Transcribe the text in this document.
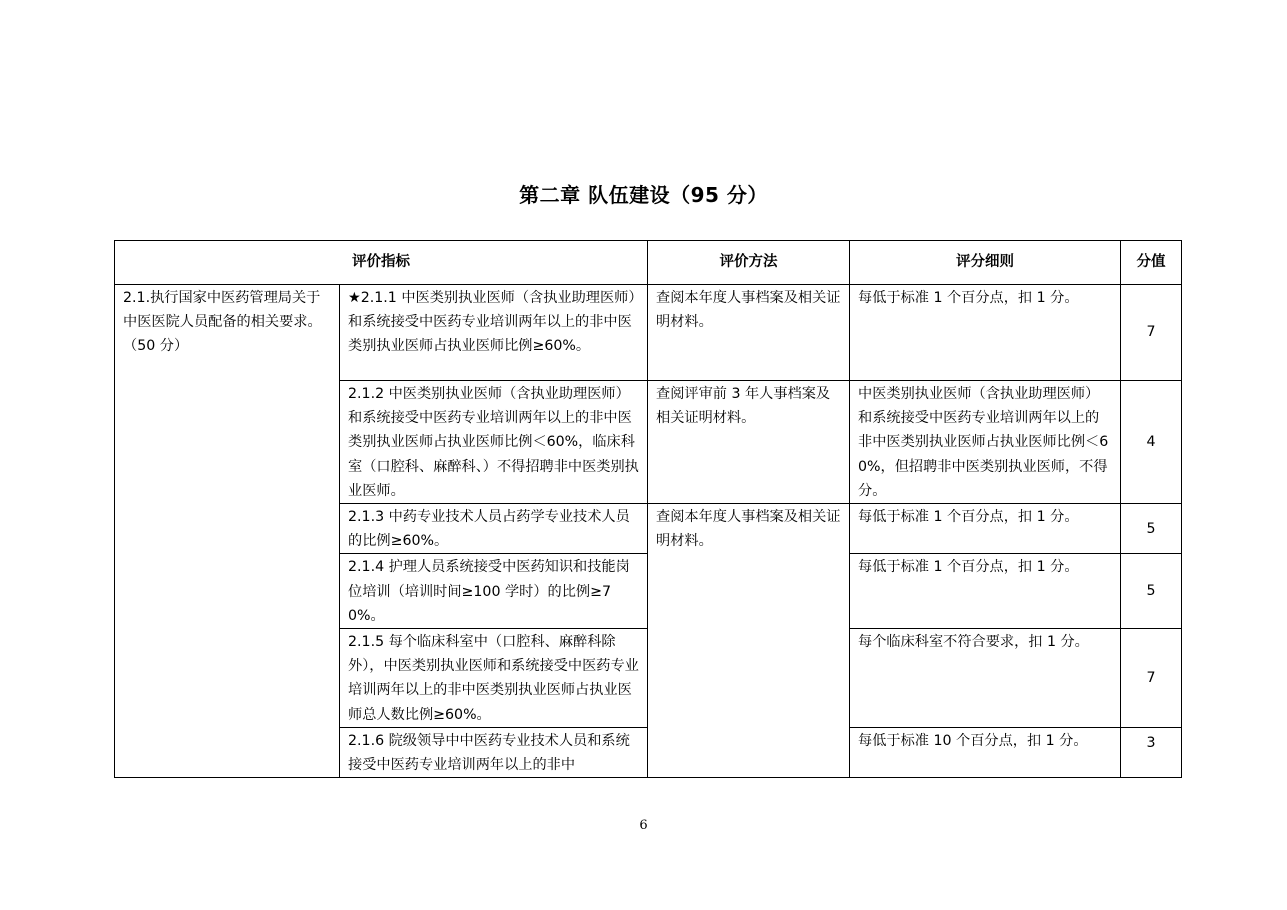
第二章 队伍建设（95 分）
评价指标		评价方法	评分细则	分值
2.1.执行国家中医药管理局关于中医医院人员配备的相关要求。（50 分）	★2.1.1 中医类别执业医师（含执业助理医师）和系统接受中医药专业培训两年以上的非中医类别执业医师占执业医师比例≥60%。	查阅本年度人事档案及相关证明材料。	每低于标准 1 个百分点，扣 1 分。	7
	2.1.2 中医类别执业医师（含执业助理医师）和系统接受中医药专业培训两年以上的非中医类别执业医师占执业医师比例＜60%，临床科室（口腔科、麻醉科、）不得招聘非中医类别执业医师。	查阅评审前 3 年人事档案及相关证明材料。	中医类别执业医师（含执业助理医师）和系统接受中医药专业培训两年以上的非中医类别执业医师占执业医师比例＜60%，但招聘非中医类别执业医师，不得分。	4
	2.1.3 中药专业技术人员占药学专业技术人员的比例≥60%。	查阅本年度人事档案及相关证明材料。	每低于标准 1 个百分点，扣 1 分。	5
	2.1.4 护理人员系统接受中医药知识和技能岗位培训（培训时间≥100 学时）的比例≥70%。		每低于标准 1 个百分点，扣 1 分。	5
	2.1.5 每个临床科室中（口腔科、麻醉科除外），中医类别执业医师和系统接受中医药专业培训两年以上的非中医类别执业医师占执业医师总人数比例≥60%。		每个临床科室不符合要求，扣 1 分。	7
	2.1.6 院级领导中中医药专业技术人员和系统接受中医药专业培训两年以上的非中		每低于标准 10 个百分点，扣 1 分。	3
6
